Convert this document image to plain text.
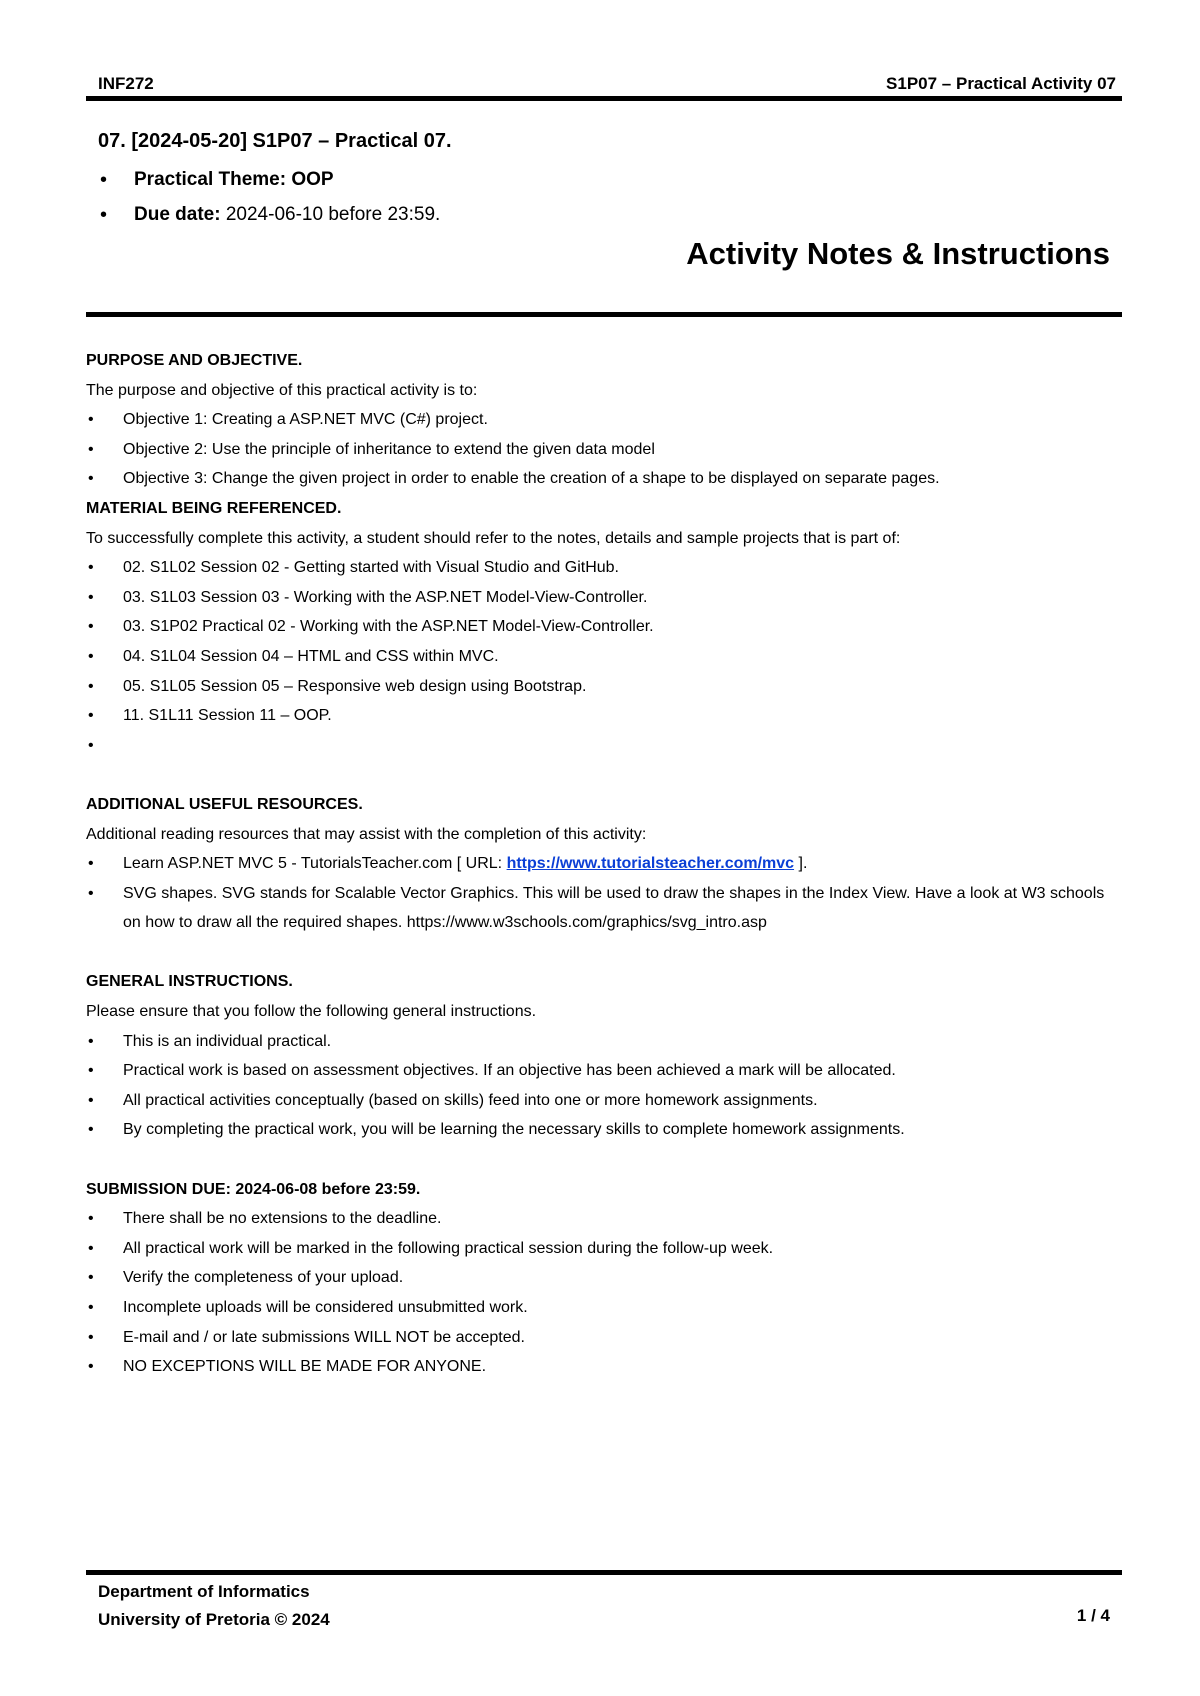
INF272	S1P07 – Practical Activity 07
07. [2024-05-20] S1P07 – Practical 07.
• Practical Theme: OOP
• Due date: 2024-06-10 before 23:59.
Activity Notes & Instructions

PURPOSE AND OBJECTIVE.

The purpose and objective of this practical activity is to:

• Objective 1: Creating a ASP.NET MVC (C#) project.
• Objective 2: Use the principle of inheritance to extend the given data model
• Objective 3: Change the given project in order to enable the creation of a shape to be displayed on separate pages.

MATERIAL BEING REFERENCED.

To successfully complete this activity, a student should refer to the notes, details and sample projects that is part of:

• 02. S1L02 Session 02 - Getting started with Visual Studio and GitHub.
• 03. S1L03 Session 03 - Working with the ASP.NET Model-View-Controller.
• 03. S1P02 Practical 02 - Working with the ASP.NET Model-View-Controller.
• 04. S1L04 Session 04 – HTML and CSS within MVC.
• 05. S1L05 Session 05 – Responsive web design using Bootstrap.
• 11. S1L11 Session 11 – OOP.
•

ADDITIONAL USEFUL RESOURCES.

Additional reading resources that may assist with the completion of this activity:

• Learn ASP.NET MVC 5 - TutorialsTeacher.com [ URL: https://www.tutorialsteacher.com/mvc ].
• SVG shapes. SVG stands for Scalable Vector Graphics. This will be used to draw the shapes in the Index View. Have a look at W3 schools on how to draw all the required shapes. https://www.w3schools.com/graphics/svg_intro.asp

GENERAL INSTRUCTIONS.

Please ensure that you follow the following general instructions.

• This is an individual practical.
• Practical work is based on assessment objectives. If an objective has been achieved a mark will be allocated.
• All practical activities conceptually (based on skills) feed into one or more homework assignments.
• By completing the practical work, you will be learning the necessary skills to complete homework assignments.

SUBMISSION DUE: 2024-06-08 before 23:59.

• There shall be no extensions to the deadline.
• All practical work will be marked in the following practical session during the follow-up week.
• Verify the completeness of your upload.
• Incomplete uploads will be considered unsubmitted work.
• E-mail and / or late submissions WILL NOT be accepted.
• NO EXCEPTIONS WILL BE MADE FOR ANYONE.
Department of Informatics
University of Pretoria © 2024	1 / 4
